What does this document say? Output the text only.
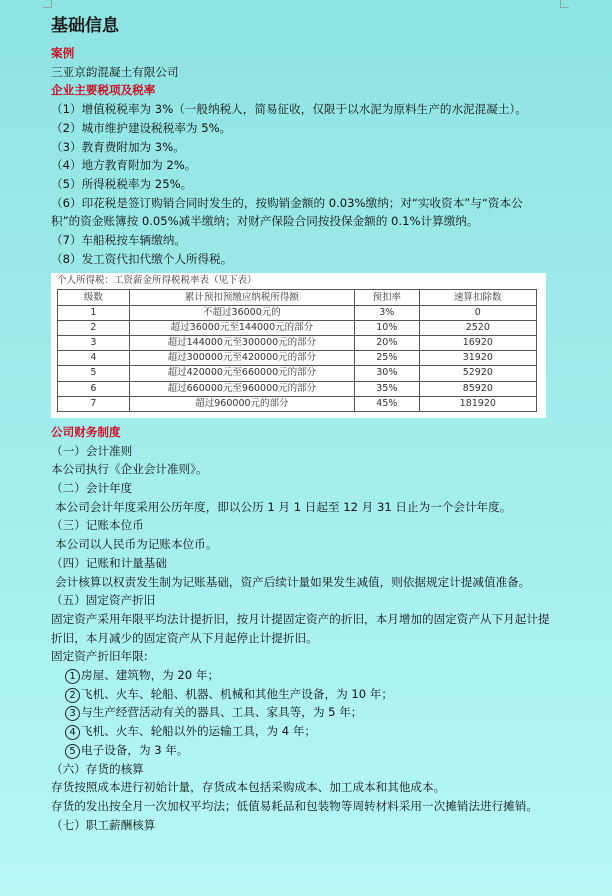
基础信息
案例
三亚京韵混凝土有限公司
企业主要税项及税率
（1）增值税税率为 3%（一般纳税人，简易征收，仅限于以水泥为原料生产的水泥混凝土）。
（2）城市维护建设税税率为 5%。
（3）教育费附加为 3%。
（4）地方教育附加为 2%。
（5）所得税税率为 25%。
（6）印花税是签订购销合同时发生的，按购销金额的 0.03%缴纳；对“实收资本”与“资本公积”的资金账簿按 0.05%减半缴纳；对财产保险合同按投保金额的 0.1%计算缴纳。
（7）车船税按车辆缴纳。
（8）发工资代扣代缴个人所得税。
个人所得税：工资薪金所得税税率表（见下表）
级数	累计预扣预缴应纳税所得额	预扣率	速算扣除数
1	不超过36000元的	3%	0
2	超过36000元至144000元的部分	10%	2520
3	超过144000元至300000元的部分	20%	16920
4	超过300000元至420000元的部分	25%	31920
5	超过420000元至660000元的部分	30%	52920
6	超过660000元至960000元的部分	35%	85920
7	超过960000元的部分	45%	181920
公司财务制度
（一）会计准则
本公司执行《企业会计准则》。
（二）会计年度
本公司会计年度采用公历年度，即以公历 1 月 1 日起至 12 月 31 日止为一个会计年度。
（三）记账本位币
本公司以人民币为记账本位币。
（四）记账和计量基础
会计核算以权责发生制为记账基础，资产后续计量如果发生减值，则依据规定计提减值准备。
（五）固定资产折旧
固定资产采用年限平均法计提折旧，按月计提固定资产的折旧，本月增加的固定资产从下月起计提折旧，本月减少的固定资产从下月起停止计提折旧。
固定资产折旧年限:
1 房屋、建筑物，为 20 年；
2 飞机、火车、轮船、机器、机械和其他生产设备，为 10 年；
3 与生产经营活动有关的器具、工具、家具等，为 5 年；
4 飞机、火车、轮船以外的运输工具，为 4 年；
5 电子设备，为 3 年。
（六）存货的核算
存货按照成本进行初始计量，存货成本包括采购成本、加工成本和其他成本。
存货的发出按全月一次加权平均法；低值易耗品和包装物等周转材料采用一次摊销法进行摊销。
（七）职工薪酬核算
